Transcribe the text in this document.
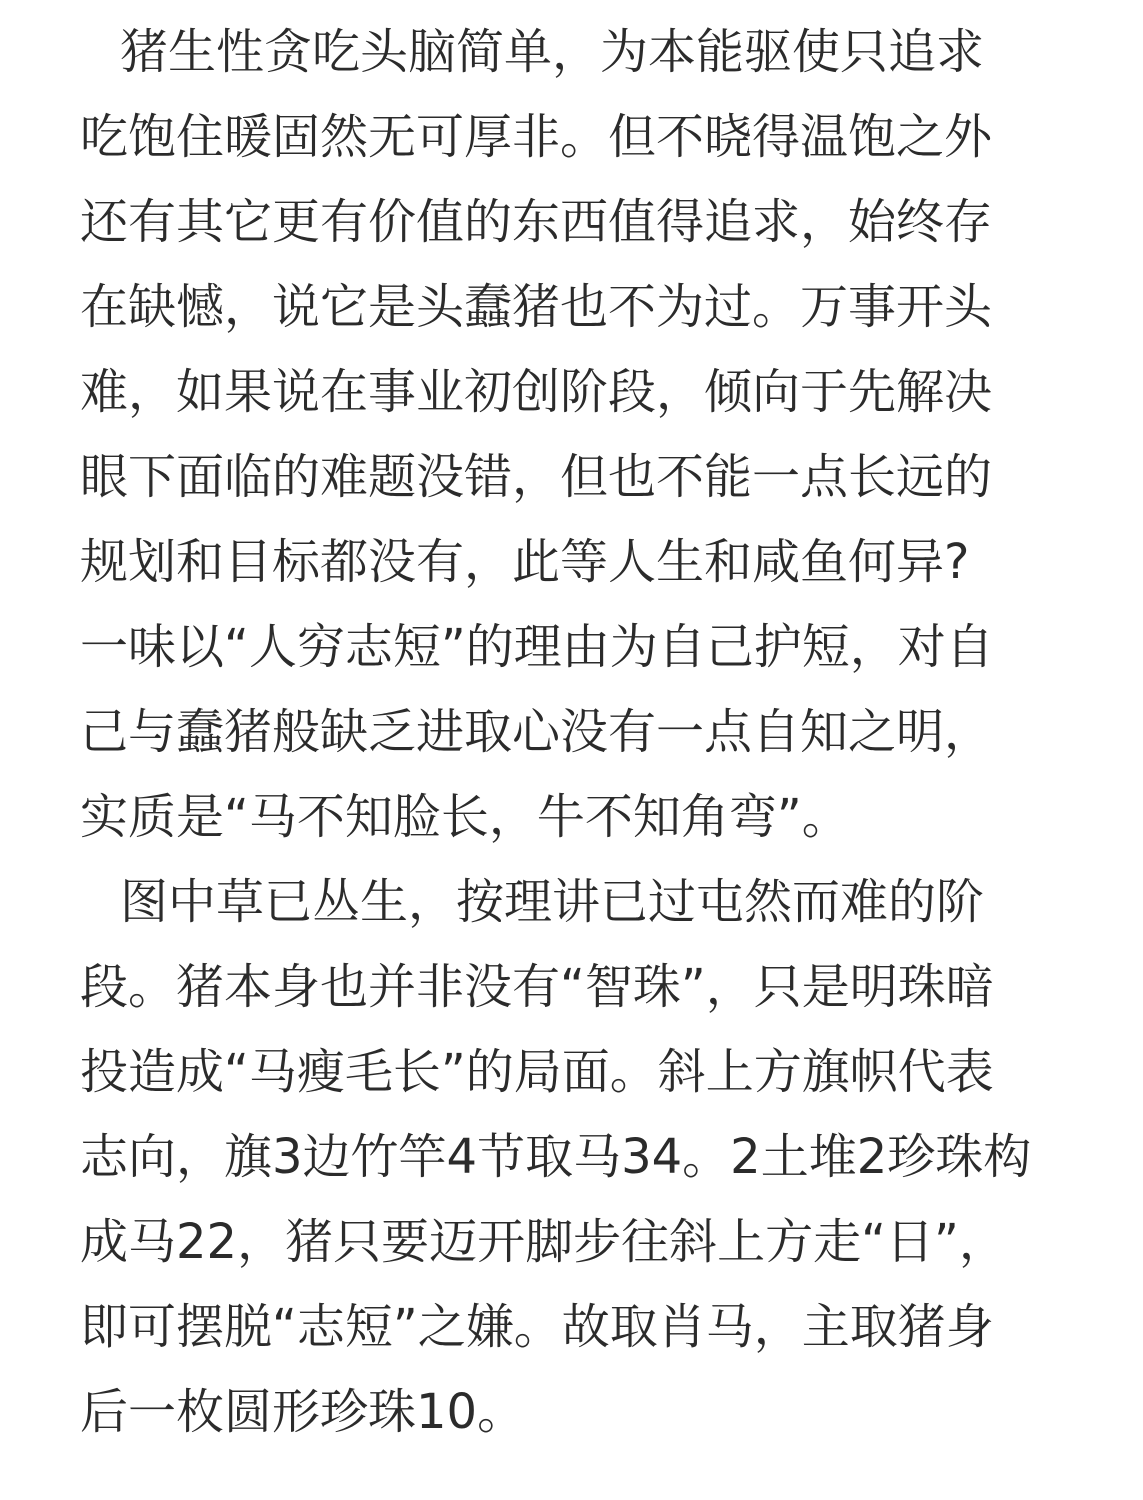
猪生性贪吃头脑简单，为本能驱使只追求
吃饱住暖固然无可厚非。但不晓得温饱之外
还有其它更有价值的东西值得追求，始终存
在缺憾，说它是头蠢猪也不为过。万事开头
难，如果说在事业初创阶段，倾向于先解决
眼下面临的难题没错，但也不能一点长远的
规划和目标都没有，此等人生和咸鱼何异?
一味以“人穷志短”的理由为自己护短，对自
己与蠢猪般缺乏进取心没有一点自知之明，
实质是“马不知脸长，牛不知角弯”。
图中草已丛生，按理讲已过屯然而难的阶
段。猪本身也并非没有“智珠”，只是明珠暗
投造成“马瘦毛长”的局面。斜上方旗帜代表
志向，旗3边竹竿4节取马34。2土堆2珍珠构
成马22，猪只要迈开脚步往斜上方走“日”，
即可摆脱“志短”之嫌。故取肖马，主取猪身
后一枚圆形珍珠10。
